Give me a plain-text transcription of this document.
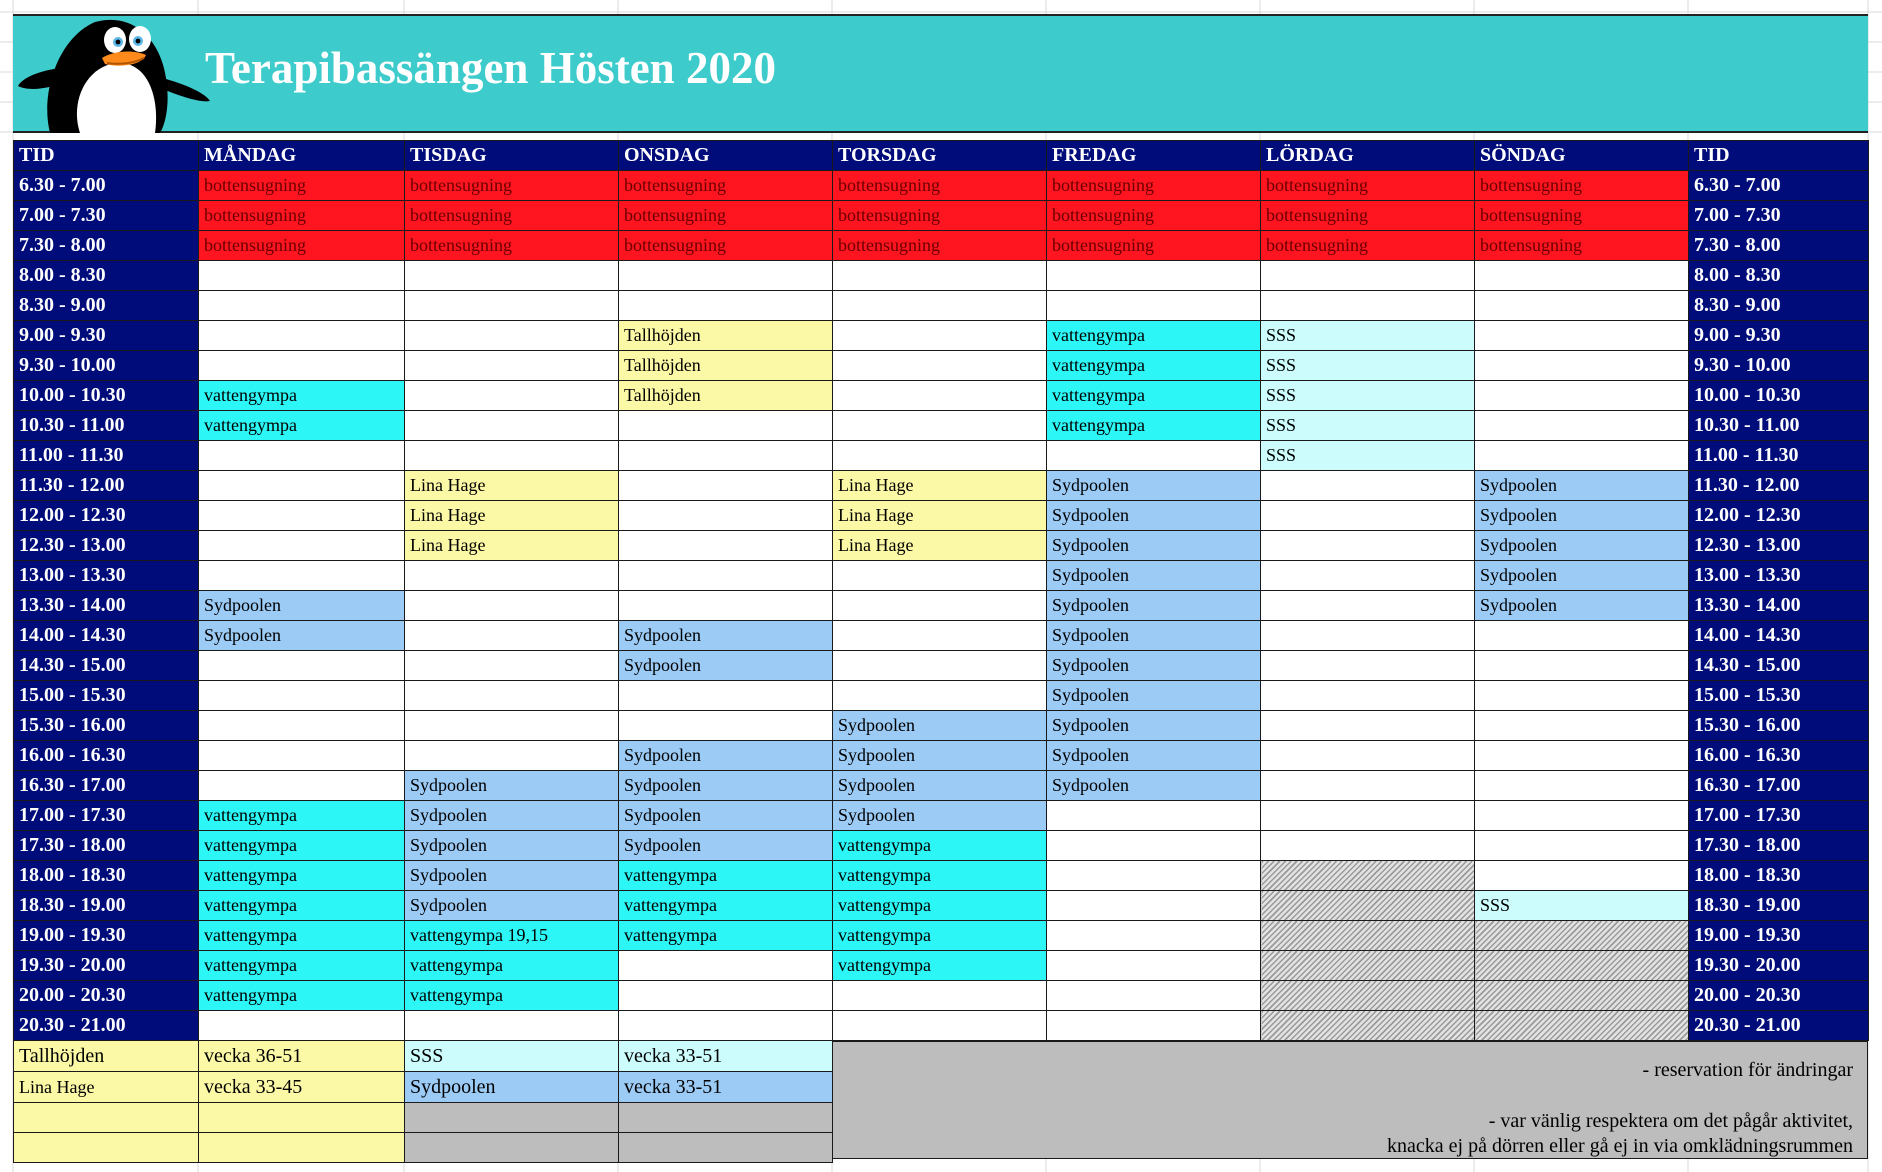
Terapibassängen Hösten 2020
TID	MÅNDAG	TISDAG	ONSDAG	TORSDAG	FREDAG	LÖRDAG	SÖNDAG	TID
6.30 - 7.00	bottensugning	bottensugning	bottensugning	bottensugning	bottensugning	bottensugning	bottensugning	6.30 - 7.00
7.00 - 7.30	bottensugning	bottensugning	bottensugning	bottensugning	bottensugning	bottensugning	bottensugning	7.00 - 7.30
7.30 - 8.00	bottensugning	bottensugning	bottensugning	bottensugning	bottensugning	bottensugning	bottensugning	7.30 - 8.00
8.00 - 8.30								8.00 - 8.30
8.30 - 9.00								8.30 - 9.00
9.00 - 9.30			Tallhöjden		vattengympa	SSS		9.00 - 9.30
9.30 - 10.00			Tallhöjden		vattengympa	SSS		9.30 - 10.00
10.00 - 10.30	vattengympa		Tallhöjden		vattengympa	SSS		10.00 - 10.30
10.30 - 11.00	vattengympa				vattengympa	SSS		10.30 - 11.00
11.00 - 11.30						SSS		11.00 - 11.30
11.30 - 12.00		Lina Hage		Lina Hage	Sydpoolen		Sydpoolen	11.30 - 12.00
12.00 - 12.30		Lina Hage		Lina Hage	Sydpoolen		Sydpoolen	12.00 - 12.30
12.30 - 13.00		Lina Hage		Lina Hage	Sydpoolen		Sydpoolen	12.30 - 13.00
13.00 - 13.30					Sydpoolen		Sydpoolen	13.00 - 13.30
13.30 - 14.00	Sydpoolen				Sydpoolen		Sydpoolen	13.30 - 14.00
14.00 - 14.30	Sydpoolen		Sydpoolen		Sydpoolen			14.00 - 14.30
14.30 - 15.00			Sydpoolen		Sydpoolen			14.30 - 15.00
15.00 - 15.30					Sydpoolen			15.00 - 15.30
15.30 - 16.00				Sydpoolen	Sydpoolen			15.30 - 16.00
16.00 - 16.30			Sydpoolen	Sydpoolen	Sydpoolen			16.00 - 16.30
16.30 - 17.00		Sydpoolen	Sydpoolen	Sydpoolen	Sydpoolen			16.30 - 17.00
17.00 - 17.30	vattengympa	Sydpoolen	Sydpoolen	Sydpoolen				17.00 - 17.30
17.30 - 18.00	vattengympa	Sydpoolen	Sydpoolen	vattengympa				17.30 - 18.00
18.00 - 18.30	vattengympa	Sydpoolen	vattengympa	vattengympa				18.00 - 18.30
18.30 - 19.00	vattengympa	Sydpoolen	vattengympa	vattengympa			SSS	18.30 - 19.00
19.00 - 19.30	vattengympa	vattengympa 19,15	vattengympa	vattengympa				19.00 - 19.30
19.30 - 20.00	vattengympa	vattengympa		vattengympa				19.30 - 20.00
20.00 - 20.30	vattengympa	vattengympa						20.00 - 20.30
20.30 - 21.00								20.30 - 21.00
Tallhöjden	vecka 36-51	SSS	vecka 33-51
Lina Hage	vecka 33-45	Sydpoolen	vecka 33-51

- reservation för ändringar
- var vänlig respektera om det pågår aktivitet,
knacka ej på dörren eller gå ej in via omklädningsrummen
